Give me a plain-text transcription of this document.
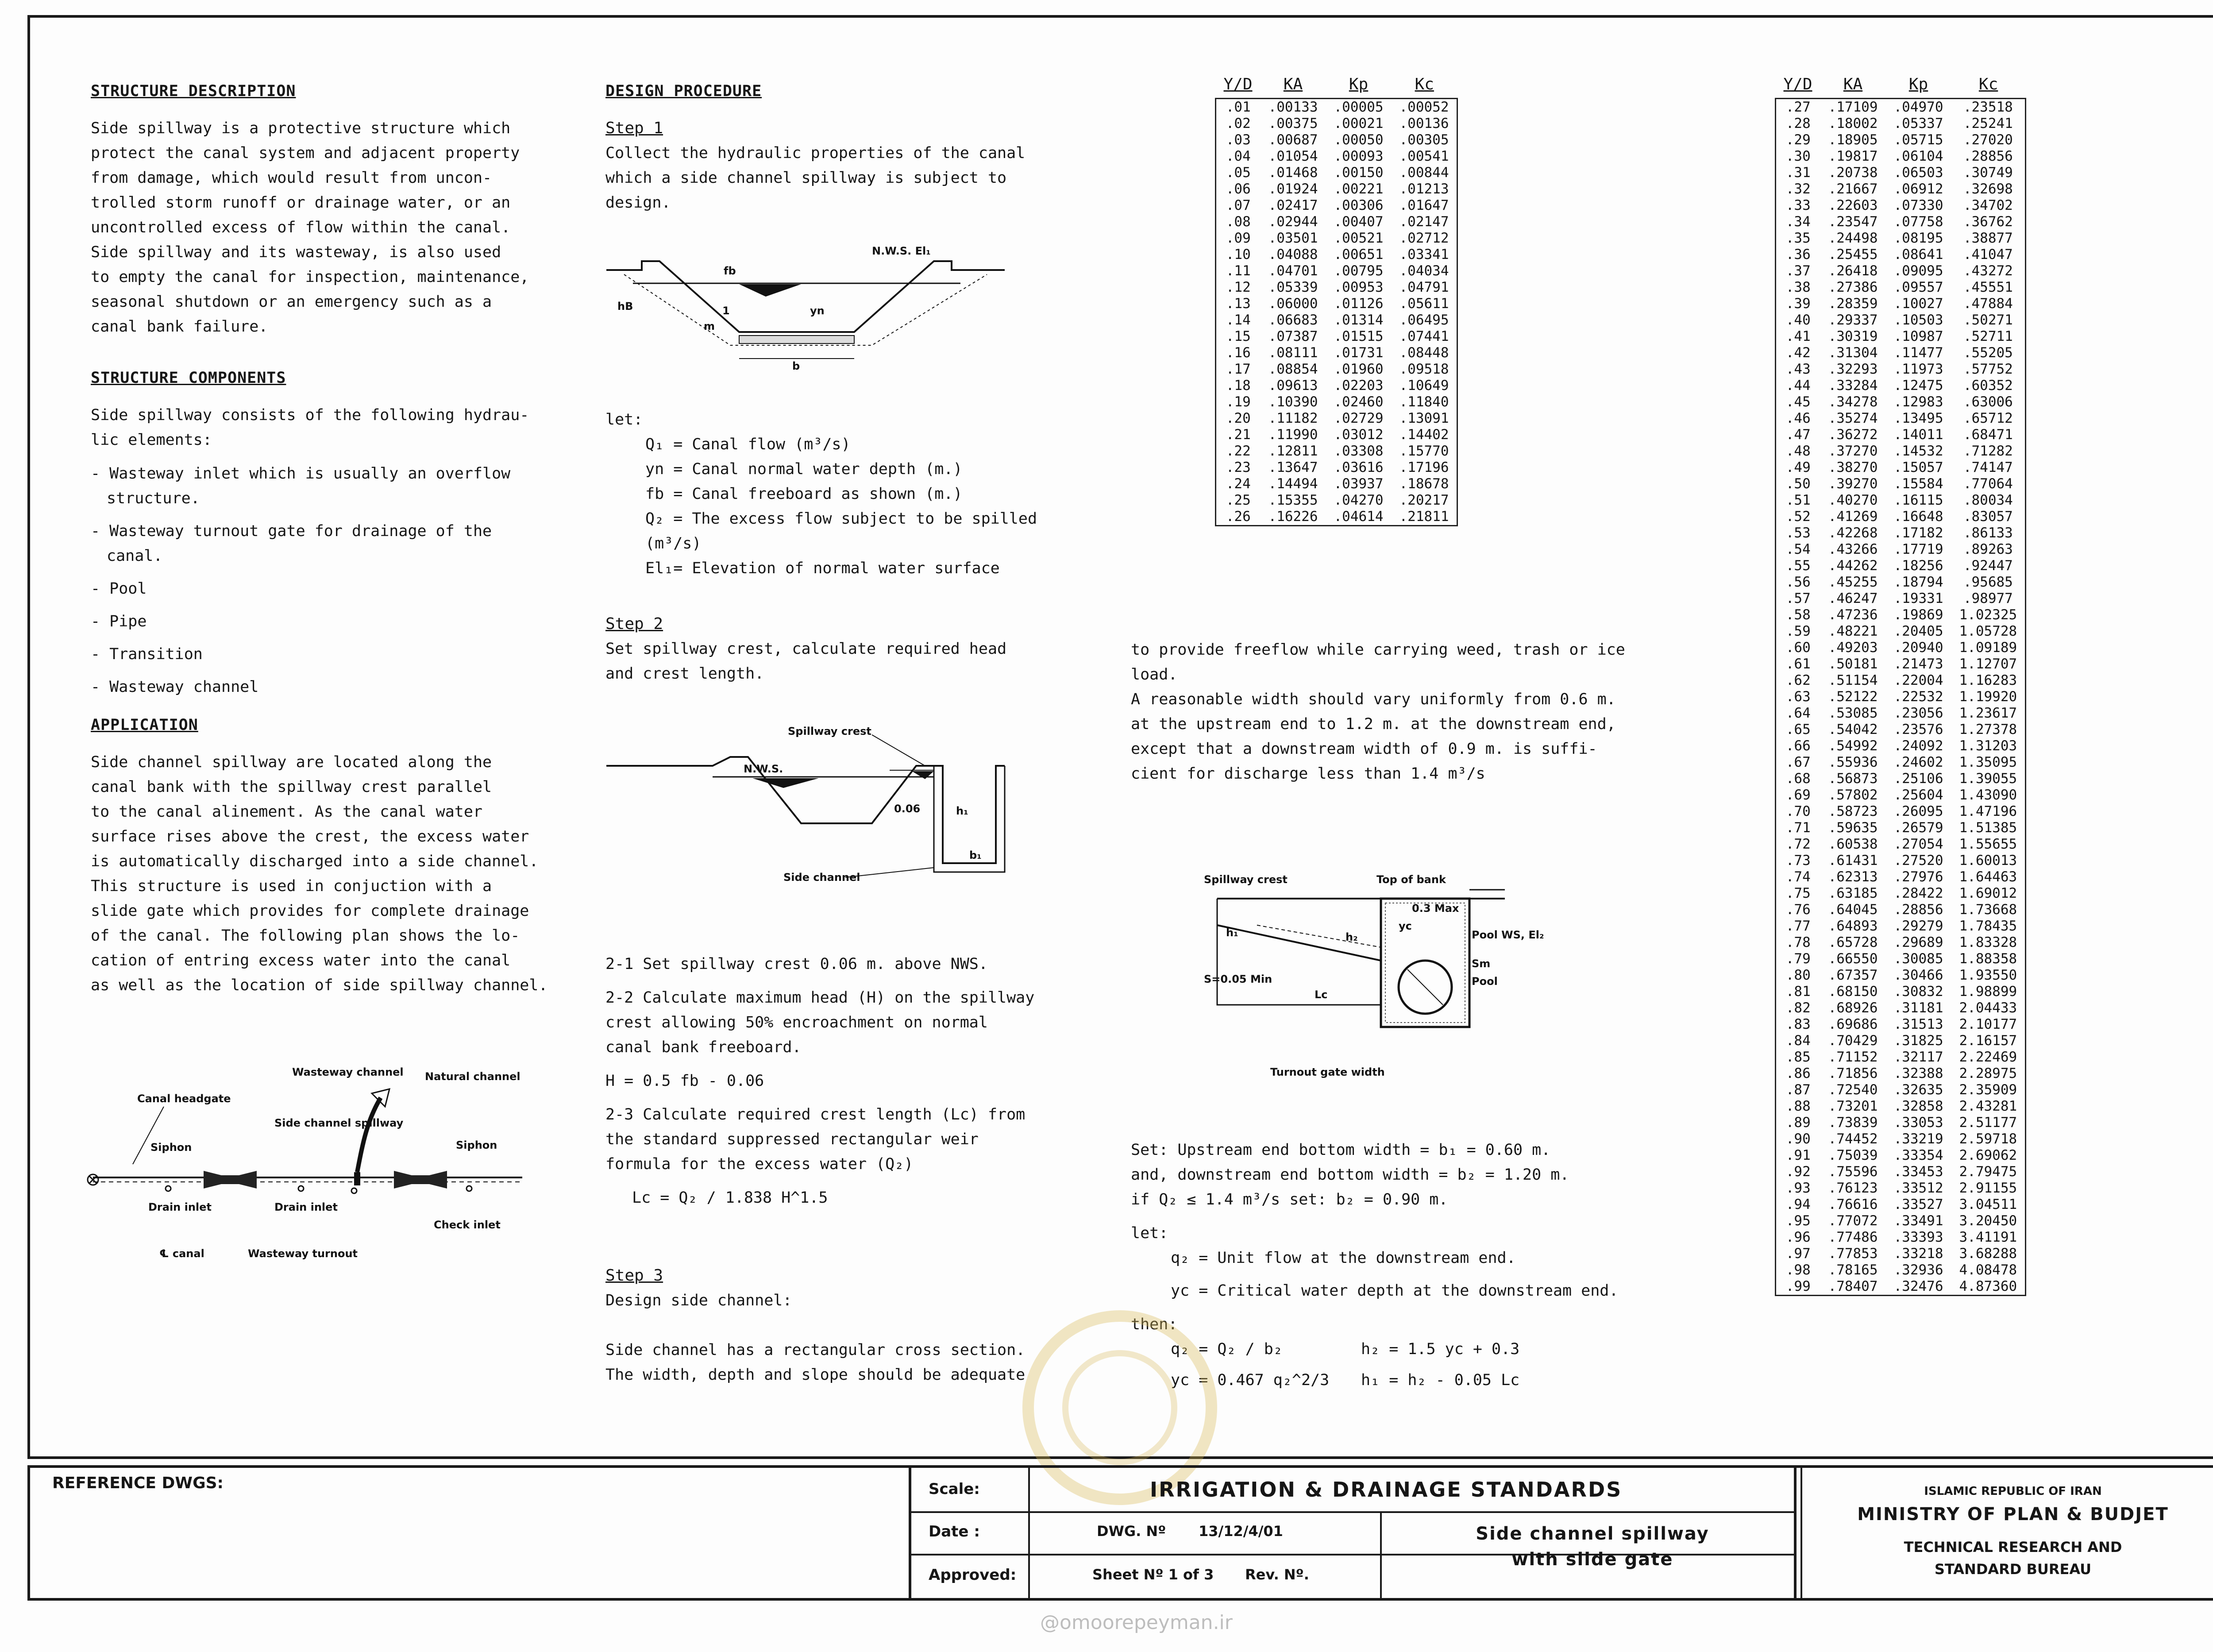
STRUCTURE DESCRIPTION
Side spillway is a protective structure which
protect the canal system and adjacent property
from damage, which would result from uncon-
trolled storm runoff or drainage water, or an
uncontrolled excess of flow within the canal.
Side spillway and its wasteway, is also used
to empty the canal for inspection, maintenance,
seasonal shutdown or an emergency such as a
canal bank failure.
STRUCTURE COMPONENTS
Side spillway consists of the following hydrau-
lic elements:
- Wasteway inlet which is usually an overflow
structure.
- Wasteway turnout gate for drainage of the
canal.
- Pool
- Pipe
- Transition
- Wasteway channel
APPLICATION
Side channel spillway are located along the
canal bank with the spillway crest parallel
to the canal alinement. As the canal water
surface rises above the crest, the excess water
is automatically discharged into a side channel.
This structure is used in conjuction with a
slide gate which provides for complete drainage
of the canal. The following plan shows the lo-
cation of entring excess water into the canal
as well as the location of side spillway channel.
Canal headgate
Siphon
Wasteway channel
Side channel spillway
Natural channel
Siphon
Drain inlet	Drain inlet
Check inlet
℄ canal	Wasteway turnout
DESIGN PROCEDURE
Step 1
Collect the hydraulic properties of the canal
which a side channel spillway is subject to
design.
N.W.S. El₁
fb
hB	yn
m
1
b
let:
Q₁ = Canal flow (m³/s)
yn = Canal normal water depth (m.)
fb = Canal freeboard as shown (m.)
Q₂ = The excess flow subject to be spilled
(m³/s)
El₁= Elevation of normal water surface
Step 2
Set spillway crest, calculate required head
and crest length.
Spillway crest
N.W.S.
0.06	h₁
Side channel
b₁
2-1 Set spillway crest 0.06 m. above NWS.
2-2 Calculate maximum head (H) on the spillway
crest allowing 50% encroachment on normal
canal bank freeboard.
H = 0.5 fb - 0.06
2-3 Calculate required crest length (Lc) from
the standard suppressed rectangular weir
formula for the excess water (Q₂)
Lc = Q₂ / 1.838 H^1.5
Step 3
Design side channel:

Side channel has a rectangular cross section.
The width, depth and slope should be adequate
Y/D	KA	Kp	Kc
.01	.00133	.00005	.00052
.02	.00375	.00021	.00136
.03	.00687	.00050	.00305
.04	.01054	.00093	.00541
.05	.01468	.00150	.00844
.06	.01924	.00221	.01213
.07	.02417	.00306	.01647
.08	.02944	.00407	.02147
.09	.03501	.00521	.02712
.10	.04088	.00651	.03341
.11	.04701	.00795	.04034
.12	.05339	.00953	.04791
.13	.06000	.01126	.05611
.14	.06683	.01314	.06495
.15	.07387	.01515	.07441
.16	.08111	.01731	.08448
.17	.08854	.01960	.09518
.18	.09613	.02203	.10649
.19	.10390	.02460	.11840
.20	.11182	.02729	.13091
.21	.11990	.03012	.14402
.22	.12811	.03308	.15770
.23	.13647	.03616	.17196
.24	.14494	.03937	.18678
.25	.15355	.04270	.20217
.26	.16226	.04614	.21811
to provide freeflow while carrying weed, trash or ice
load.
A reasonable width should vary uniformly from 0.6 m.
at the upstream end to 1.2 m. at the downstream end,
except that a downstream width of 0.9 m. is suffi-
cient for discharge less than 1.4 m³/s
Spillway crest	Top of bank
h₁	h₂
yc
0.3 Max
Pool WS, El₂
Sm
Pool
S=0.05 Min
Lc
Turnout gate width
Set: Upstream end bottom width = b₁ = 0.60 m.
and, downstream end bottom width = b₂ = 1.20 m.
if Q₂ ≤ 1.4 m³/s set: b₂ = 0.90 m.
let:
q₂ = Unit flow at the downstream end.
yc = Critical water depth at the downstream end.
then:
q₂ = Q₂ / b₂
yc = 0.467 q₂^2/3
h₂ = 1.5 yc + 0.3
h₁ = h₂ - 0.05 Lc
Y/D	KA	Kp	Kc
.27	.17109	.04970	.23518
.28	.18002	.05337	.25241
.29	.18905	.05715	.27020
.30	.19817	.06104	.28856
.31	.20738	.06503	.30749
.32	.21667	.06912	.32698
.33	.22603	.07330	.34702
.34	.23547	.07758	.36762
.35	.24498	.08195	.38877
.36	.25455	.08641	.41047
.37	.26418	.09095	.43272
.38	.27386	.09557	.45551
.39	.28359	.10027	.47884
.40	.29337	.10503	.50271
.41	.30319	.10987	.52711
.42	.31304	.11477	.55205
.43	.32293	.11973	.57752
.44	.33284	.12475	.60352
.45	.34278	.12983	.63006
.46	.35274	.13495	.65712
.47	.36272	.14011	.68471
.48	.37270	.14532	.71282
.49	.38270	.15057	.74147
.50	.39270	.15584	.77064
.51	.40270	.16115	.80034
.52	.41269	.16648	.83057
.53	.42268	.17182	.86133
.54	.43266	.17719	.89263
.55	.44262	.18256	.92447
.56	.45255	.18794	.95685
.57	.46247	.19331	.98977
.58	.47236	.19869	1.02325
.59	.48221	.20405	1.05728
.60	.49203	.20940	1.09189
.61	.50181	.21473	1.12707
.62	.51154	.22004	1.16283
.63	.52122	.22532	1.19920
.64	.53085	.23056	1.23617
.65	.54042	.23576	1.27378
.66	.54992	.24092	1.31203
.67	.55936	.24602	1.35095
.68	.56873	.25106	1.39055
.69	.57802	.25604	1.43090
.70	.58723	.26095	1.47196
.71	.59635	.26579	1.51385
.72	.60538	.27054	1.55655
.73	.61431	.27520	1.60013
.74	.62313	.27976	1.64463
.75	.63185	.28422	1.69012
.76	.64045	.28856	1.73668
.77	.64893	.29279	1.78435
.78	.65728	.29689	1.83328
.79	.66550	.30085	1.88358
.80	.67357	.30466	1.93550
.81	.68150	.30832	1.98899
.82	.68926	.31181	2.04433
.83	.69686	.31513	2.10177
.84	.70429	.31825	2.16157
.85	.71152	.32117	2.22469
.86	.71856	.32388	2.28975
.87	.72540	.32635	2.35909
.88	.73201	.32858	2.43281
.89	.73839	.33053	2.51177
.90	.74452	.33219	2.59718
.91	.75039	.33354	2.69062
.92	.75596	.33453	2.79475
.93	.76123	.33512	2.91155
.94	.76616	.33527	3.04511
.95	.77072	.33491	3.20450
.96	.77486	.33393	3.41191
.97	.77853	.33218	3.68288
.98	.78165	.32936	4.08478
.99	.78407	.32476	4.87360
REFERENCE DWGS:	Scale:
Date :
Approved:
IRRIGATION & DRAINAGE STANDARDS
DWG. Nº 13/12/4/01
Sheet Nº 1 of 3 Rev. Nº.
Side channel spillway
with slide gate
ISLAMIC REPUBLIC OF IRAN
MINISTRY OF PLAN & BUDJET
TECHNICAL RESEARCH AND
STANDARD BUREAU
@omoorepeyman.ir
